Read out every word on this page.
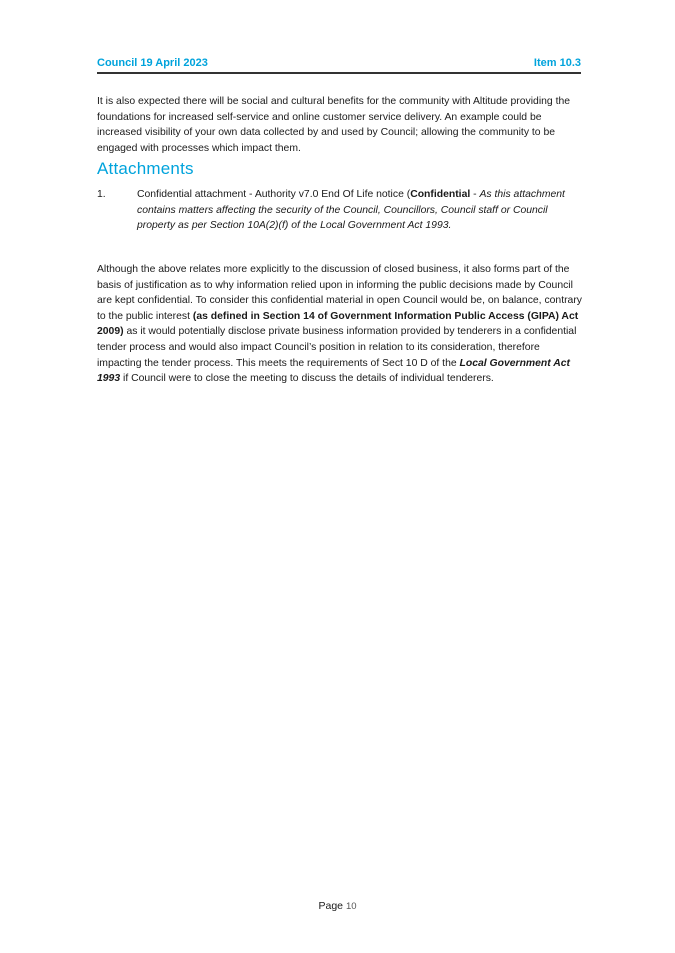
Council 19 April 2023	Item 10.3

It is also expected there will be social and cultural benefits for the community with Altitude providing the foundations for increased self-service and online customer service delivery. An example could be increased visibility of your own data collected by and used by Council; allowing the community to be engaged with processes which impact them.

Attachments
1.	Confidential attachment - Authority v7.0 End Of Life notice (Confidential - As this attachment contains matters affecting the security of the Council, Councillors, Council staff or Council property as per Section 10A(2)(f) of the Local Government Act 1993.

Although the above relates more explicitly to the discussion of closed business, it also forms part of the basis of justification as to why information relied upon in informing the public decisions made by Council are kept confidential. To consider this confidential material in open Council would be, on balance, contrary to the public interest (as defined in Section 14 of Government Information Public Access (GIPA) Act 2009) as it would potentially disclose private business information provided by tenderers in a confidential tender process and would also impact Council’s position in relation to its consideration, therefore impacting the tender process. This meets the requirements of Sect 10 D of the Local Government Act 1993 if Council were to close the meeting to discuss the details of individual tenderers.

Page 10
